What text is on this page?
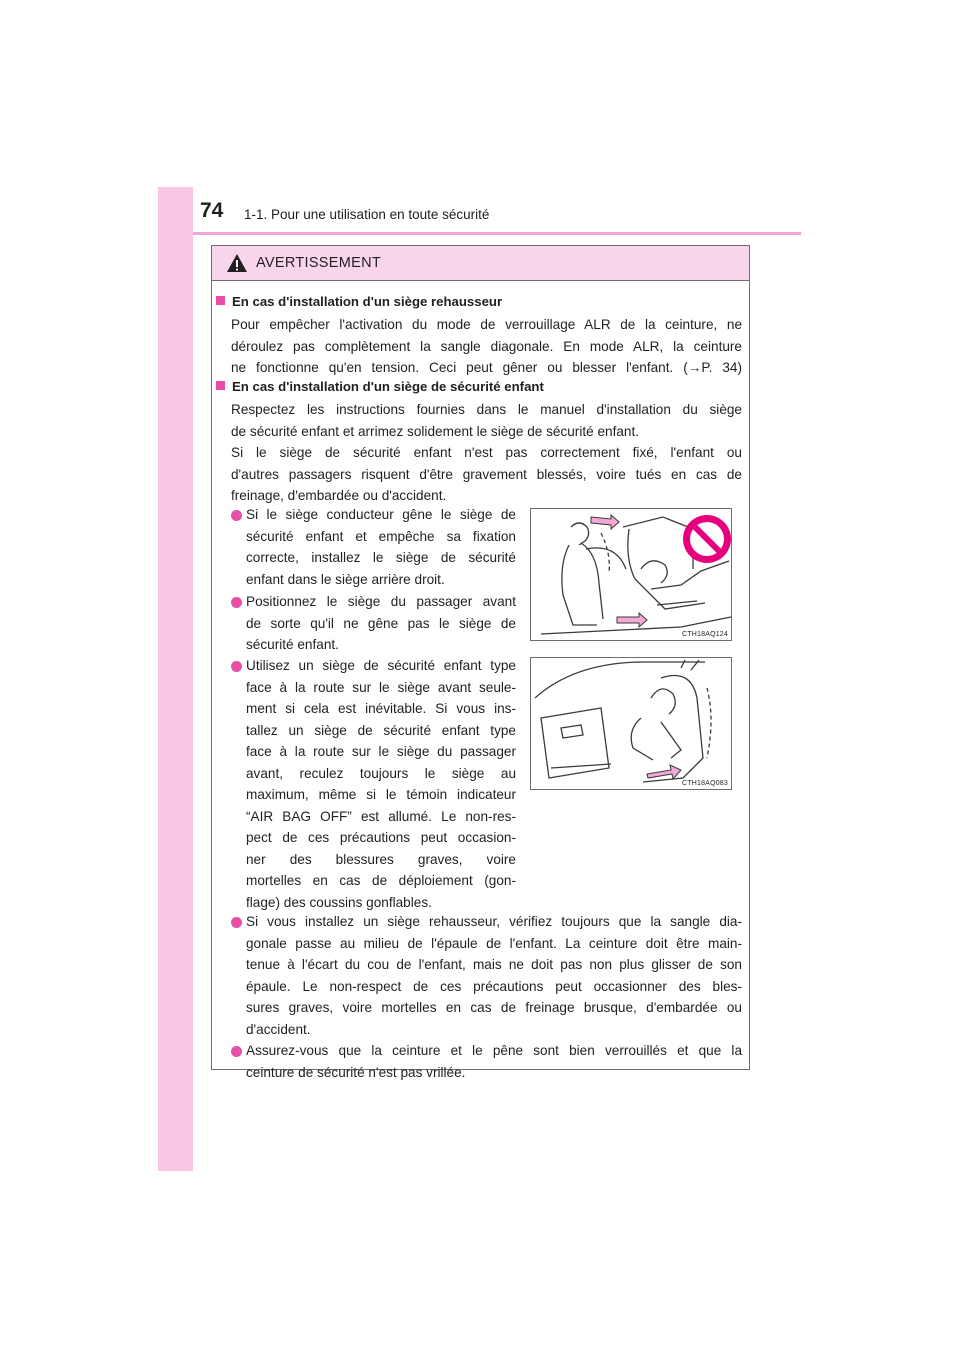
74 1-1. Pour une utilisation en toute sécurité
AVERTISSEMENT
En cas d'installation d'un siège rehausseur
Pour empêcher l'activation du mode de verrouillage ALR de la ceinture, ne
déroulez pas complètement la sangle diagonale. En mode ALR, la ceinture
ne fonctionne qu'en tension. Ceci peut gêner ou blesser l'enfant. (→P. 34)
En cas d'installation d'un siège de sécurité enfant
Respectez les instructions fournies dans le manuel d'installation du siège
de sécurité enfant et arrimez solidement le siège de sécurité enfant.
Si le siège de sécurité enfant n'est pas correctement fixé, l'enfant ou
d'autres passagers risquent d'être gravement blessés, voire tués en cas de
freinage, d'embardée ou d'accident.
Si le siège conducteur gêne le siège de
sécurité enfant et empêche sa fixation
correcte, installez le siège de sécurité
enfant dans le siège arrière droit.
Positionnez le siège du passager avant
de sorte qu'il ne gêne pas le siège de
sécurité enfant.
Utilisez un siège de sécurité enfant type
face à la route sur le siège avant seule-
ment si cela est inévitable. Si vous ins-
tallez un siège de sécurité enfant type
face à la route sur le siège du passager
avant, reculez toujours le siège au
maximum, même si le témoin indicateur
“AIR BAG OFF” est allumé. Le non-res-
pect de ces précautions peut occasion-
ner des blessures graves, voire
mortelles en cas de déploiement (gon-
flage) des coussins gonflables.
Si vous installez un siège rehausseur, vérifiez toujours que la sangle dia-
gonale passe au milieu de l'épaule de l'enfant. La ceinture doit être main-
tenue à l'écart du cou de l'enfant, mais ne doit pas non plus glisser de son
épaule. Le non-respect de ces précautions peut occasionner des bles-
sures graves, voire mortelles en cas de freinage brusque, d'embardée ou
d'accident.
Assurez-vous que la ceinture et le pêne sont bien verrouillés et que la
ceinture de sécurité n'est pas vrillée.
CTH18AQ124
CTH18AQ083
